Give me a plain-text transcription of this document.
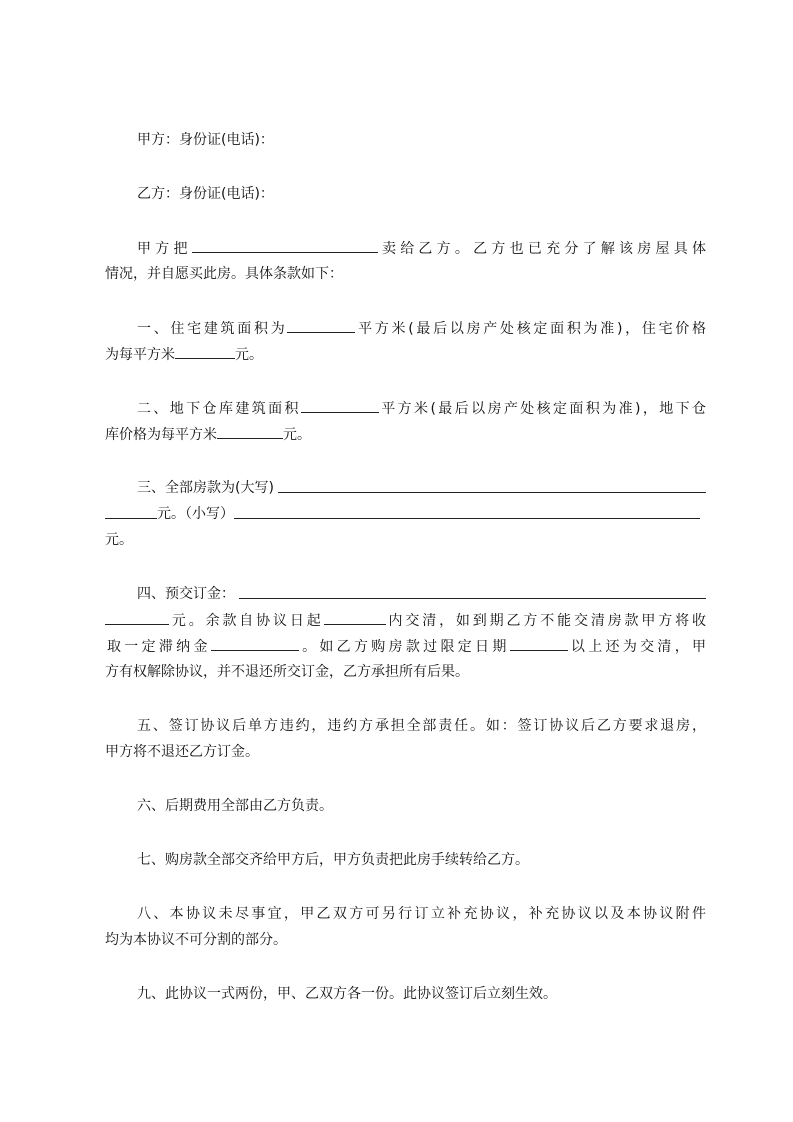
甲方：身份证(电话)：
乙方：身份证(电话)：
甲方把	卖给乙方。乙方也已充分了解该房屋具体
情况，并自愿买此房。具体条款如下：
一、住宅建筑面积为	平方米(最后以房产处核定面积为准)，住宅价格
为每平方米	元。
二、地下仓库建筑面积	平方米(最后以房产处核定面积为准)，地下仓
库价格为每平方米	元。
三、全部房款为(大写)
元。（小写）
元。
四、预交订金：
元。余款自协议日起	内交清，如到期乙方不能交清房款甲方将收
取一定滞纳金	。如乙方购房款过限定日期	以上还为交清，甲
方有权解除协议，并不退还所交订金，乙方承担所有后果。
五、签订协议后单方违约，违约方承担全部责任。如：签订协议后乙方要求退房，
甲方将不退还乙方订金。
六、后期费用全部由乙方负责。
七、购房款全部交齐给甲方后，甲方负责把此房手续转给乙方。
八、本协议未尽事宜，甲乙双方可另行订立补充协议，补充协议以及本协议附件
均为本协议不可分割的部分。
九、此协议一式两份，甲、乙双方各一份。此协议签订后立刻生效。
